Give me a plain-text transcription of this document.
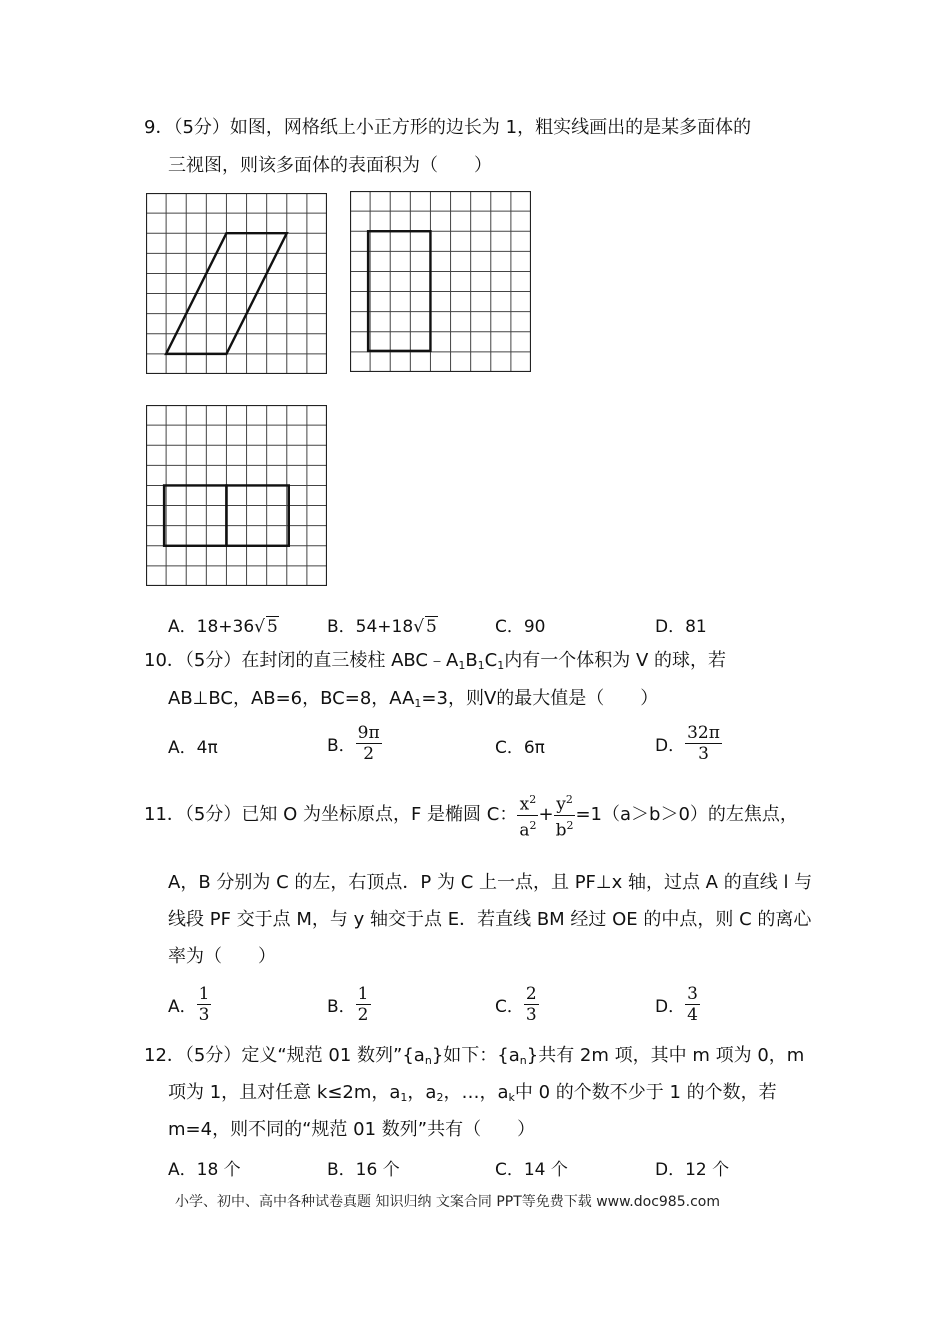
9．（5分）如图，网格纸上小正方形的边长为 1，粗实线画出的是某多面体的
三视图，则该多面体的表面积为（　　）
A．18+36√ 5	B．54+18√ 5	C．90	D．81
10．（5分）在封闭的直三棱柱 $ABC﹣A_1B_1C_1$内有一个体积为 V 的球，若
AB⊥BC，AB=6，BC=8，$AA_1=3$，则V的最大值是（　　）
A．4π	B． $\frac{9\pi}{2}$	C．6π	D． $\frac{32\pi}{3}$
11．（5分）已知 O 为坐标原点，F 是椭圆 C： $\frac{x^2}{a^2} + \frac{y^2}{b^2} =1(a>b>0)$的左焦点，
A，B 分别为 C 的左，右顶点．P 为 C 上一点，且 PF⊥x 轴，过点 A 的直线 l 与
线段 PF 交于点 M，与 y 轴交于点 E．若直线 BM 经过 OE 的中点，则 C 的离心
率为（　　）
A． $\frac{1}{3}$	B． $\frac{1}{2}$	C． $\frac{2}{3}$	D． $\frac{3}{4}$
12．（5分）定义“规范 01 数列$”\{a_n\}$如下：$\{a_n\}$共有 2m 项，其中 m 项为 0，m
项为 1，且对任意 k≤2m，$a_1$，$a_2$，…，$a_k$中 0 的个数不少于 1 的个数，若
m=4，则不同的“规范 01 数列”共有（　　）
A．18 个	B．16 个	C．14 个	D．12 个
小学、初中、高中各种试卷真题 知识归纳 文案合同 PPT等免费下载 www.doc985.com
